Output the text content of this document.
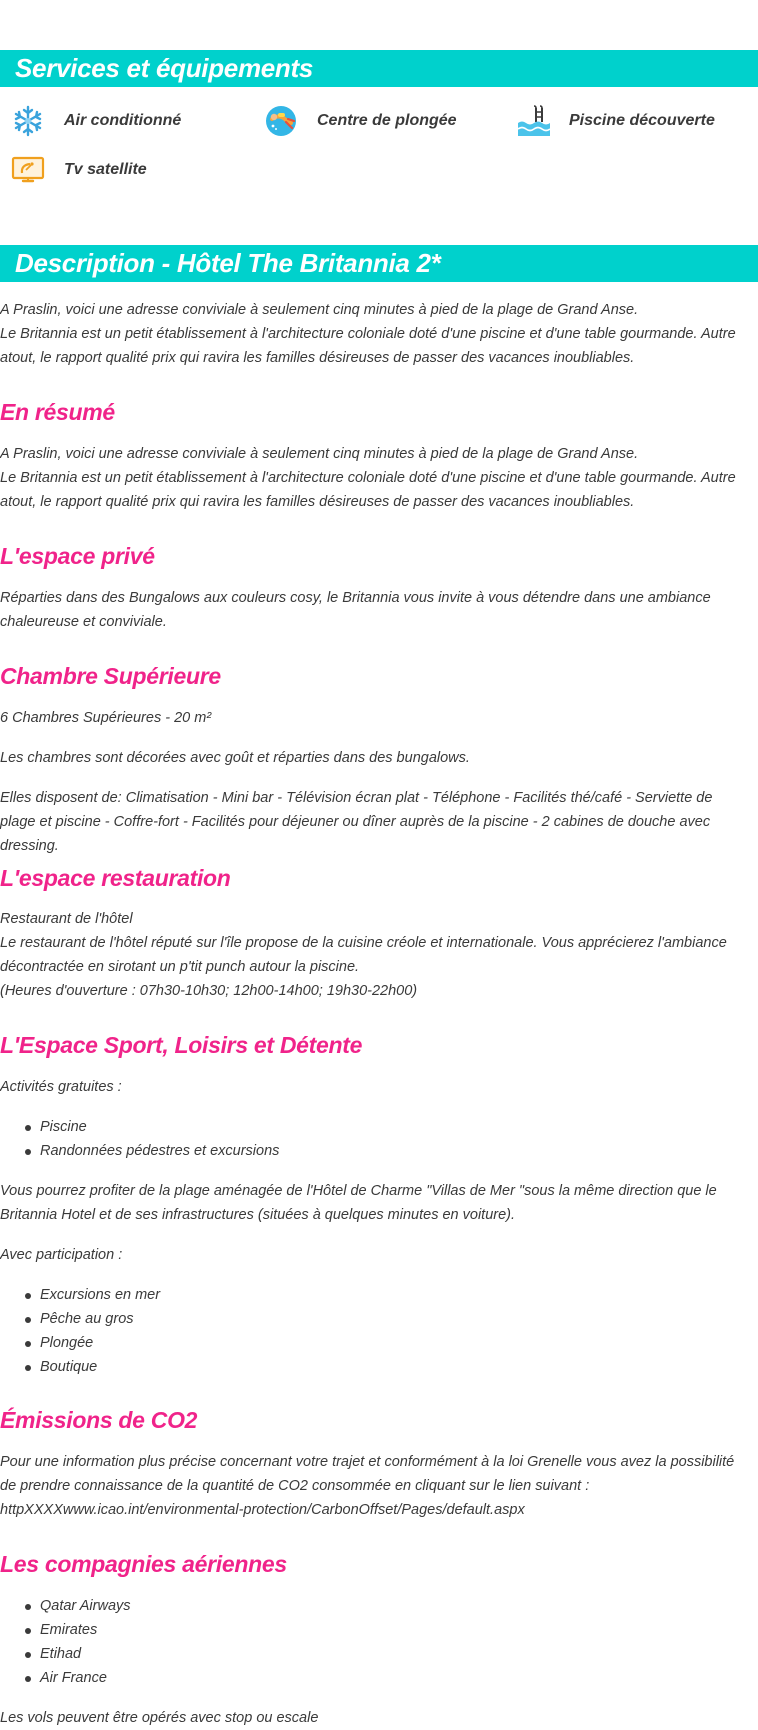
Services et équipements
Air conditionné	Centre de plongée	Piscine découverte
Tv satellite
Description - Hôtel The Britannia 2*

A Praslin, voici une adresse conviviale à seulement cinq minutes à pied de la plage de Grand Anse.
Le Britannia est un petit établissement à l'architecture coloniale doté d'une piscine et d'une table gourmande. Autre atout, le rapport qualité prix qui ravira les familles désireuses de passer des vacances inoubliables.

En résumé

A Praslin, voici une adresse conviviale à seulement cinq minutes à pied de la plage de Grand Anse.
Le Britannia est un petit établissement à l'architecture coloniale doté d'une piscine et d'une table gourmande. Autre atout, le rapport qualité prix qui ravira les familles désireuses de passer des vacances inoubliables.

L'espace privé

Réparties dans des Bungalows aux couleurs cosy, le Britannia vous invite à vous détendre dans une ambiance chaleureuse et conviviale.

Chambre Supérieure

6 Chambres Supérieures - 20 m²

Les chambres sont décorées avec goût et réparties dans des bungalows.

Elles disposent de: Climatisation - Mini bar - Télévision écran plat - Téléphone - Facilités thé/café - Serviette de plage et piscine - Coffre-fort - Facilités pour déjeuner ou dîner auprès de la piscine - 2 cabines de douche avec dressing.

L'espace restauration

Restaurant de l'hôtel
Le restaurant de l'hôtel réputé sur l'île propose de la cuisine créole et internationale. Vous apprécierez l'ambiance décontractée en sirotant un p'tit punch autour la piscine.
(Heures d'ouverture : 07h30-10h30; 12h00-14h00; 19h30-22h00)

L'Espace Sport, Loisirs et Détente

Activités gratuites :

Piscine
Randonnées pédestres et excursions

Vous pourrez profiter de la plage aménagée de l'Hôtel de Charme "Villas de Mer "sous la même direction que le Britannia Hotel et de ses infrastructures (situées à quelques minutes en voiture).

Avec participation :

Excursions en mer
Pêche au gros
Plongée
Boutique
Émissions de CO2

Pour une information plus précise concernant votre trajet et conformément à la loi Grenelle vous avez la possibilité de prendre connaissance de la quantité de CO2 consommée en cliquant sur le lien suivant :
httpXXXXwww.icao.int/environmental-protection/CarbonOffset/Pages/default.aspx

Les compagnies aériennes
Qatar Airways
Emirates
Etihad
Air France

Les vols peuvent être opérés avec stop ou escale
